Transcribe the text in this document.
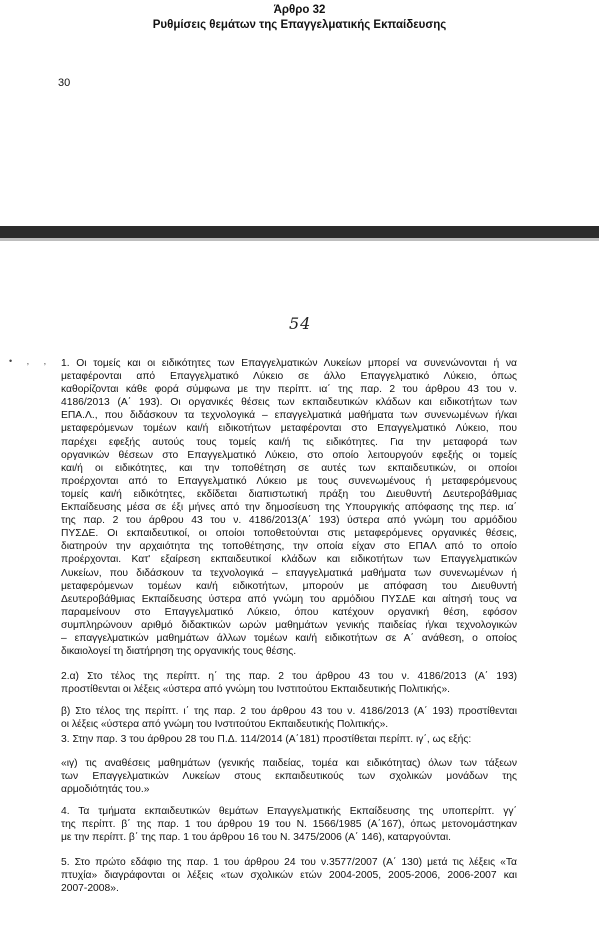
Άρθρο 32
Ρυθμίσεις θεμάτων της Επαγγελματικής Εκπαίδευσης
30
54
• , , 1. Οι τομείς και οι ειδικότητες των Επαγγελματικών Λυκείων μπορεί να συνενώνονται ή να
μεταφέρονται από Επαγγελματικό Λύκειο σε άλλο Επαγγελματικό Λύκειο, όπως
καθορίζονται κάθε φορά σύμφωνα με την περίπτ. ια΄ της παρ. 2 του άρθρου 43 του ν.
4186/2013 (Α΄ 193). Οι οργανικές θέσεις των εκπαιδευτικών κλάδων και ειδικοτήτων των
ΕΠΑ.Λ., που διδάσκουν τα τεχνολογικά – επαγγελματικά μαθήματα των συνενωμένων ή/και
μεταφερόμενων τομέων και/ή ειδικοτήτων μεταφέρονται στο Επαγγελματικό Λύκειο, που
παρέχει εφεξής αυτούς τους τομείς και/ή τις ειδικότητες. Για την μεταφορά των
οργανικών θέσεων στο Επαγγελματικό Λύκειο, στο οποίο λειτουργούν εφεξής οι τομείς
και/ή οι ειδικότητες, και την τοποθέτηση σε αυτές των εκπαιδευτικών, οι οποίοι
προέρχονται από το Επαγγελματικό Λύκειο με τους συνενωμένους ή μεταφερόμενους
τομείς και/ή ειδικότητες, εκδίδεται διαπιστωτική πράξη του Διευθυντή Δευτεροβάθμιας
Εκπαίδευσης μέσα σε έξι μήνες από την δημοσίευση της Υπουργικής απόφασης της περ. ια΄
της παρ. 2 του άρθρου 43 του ν. 4186/2013(Α΄ 193) ύστερα από γνώμη του αρμόδιου
ΠΥΣΔΕ. Οι εκπαιδευτικοί, οι οποίοι τοποθετούνται στις μεταφερόμενες οργανικές θέσεις,
διατηρούν την αρχαιότητα της τοποθέτησης, την οποία είχαν στο ΕΠΑΛ από το οποίο
προέρχονται. Κατ' εξαίρεση εκπαιδευτικοί κλάδων και ειδικοτήτων των Επαγγελματικών
Λυκείων, που διδάσκουν τα τεχνολογικά – επαγγελματικά μαθήματα των συνενωμένων ή
μεταφερόμενων τομέων και/ή ειδικοτήτων, μπορούν με απόφαση του Διευθυντή
Δευτεροβάθμιας Εκπαίδευσης ύστερα από γνώμη του αρμόδιου ΠΥΣΔΕ και αίτησή τους να
παραμείνουν στο Επαγγελματικό Λύκειο, όπου κατέχουν οργανική θέση, εφόσον
συμπληρώνουν αριθμό διδακτικών ωρών μαθημάτων γενικής παιδείας ή/και τεχνολογικών
– επαγγελματικών μαθημάτων άλλων τομέων και/ή ειδικοτήτων σε Α΄ ανάθεση, ο οποίος
δικαιολογεί τη διατήρηση της οργανικής τους θέσης.
2.α) Στο τέλος της περίπτ. η΄ της παρ. 2 του άρθρου 43 του ν. 4186/2013 (Α΄ 193)
προστίθενται οι λέξεις «ύστερα από γνώμη του Ινστιτούτου Εκπαιδευτικής Πολιτικής».
β) Στο τέλος της περίπτ. ι΄ της παρ. 2 του άρθρου 43 του ν. 4186/2013 (Α΄ 193) προστίθενται
οι λέξεις «ύστερα από γνώμη του Ινστιτούτου Εκπαιδευτικής Πολιτικής».
3. Στην παρ. 3 του άρθρου 28 του Π.Δ. 114/2014 (Α΄181) προστίθεται περίπτ. ιγ΄, ως εξής:
«ιγ) τις αναθέσεις μαθημάτων (γενικής παιδείας, τομέα και ειδικότητας) όλων των τάξεων
των Επαγγελματικών Λυκείων στους εκπαιδευτικούς των σχολικών μονάδων της
αρμοδιότητάς του.»
4. Τα τμήματα εκπαιδευτικών θεμάτων Επαγγελματικής Εκπαίδευσης της υποπερίπτ. γγ΄
της περίπτ. β΄ της παρ. 1 του άρθρου 19 του Ν. 1566/1985 (Α΄167), όπως μετονομάστηκαν
με την περίπτ. β΄ της παρ. 1 του άρθρου 16 του Ν. 3475/2006 (Α΄ 146), καταργούνται.
5. Στο πρώτο εδάφιο της παρ. 1 του άρθρου 24 του ν.3577/2007 (Α΄ 130) μετά τις λέξεις «Τα
πτυχία» διαγράφονται οι λέξεις «των σχολικών ετών 2004-2005, 2005-2006, 2006-2007 και
2007-2008».
